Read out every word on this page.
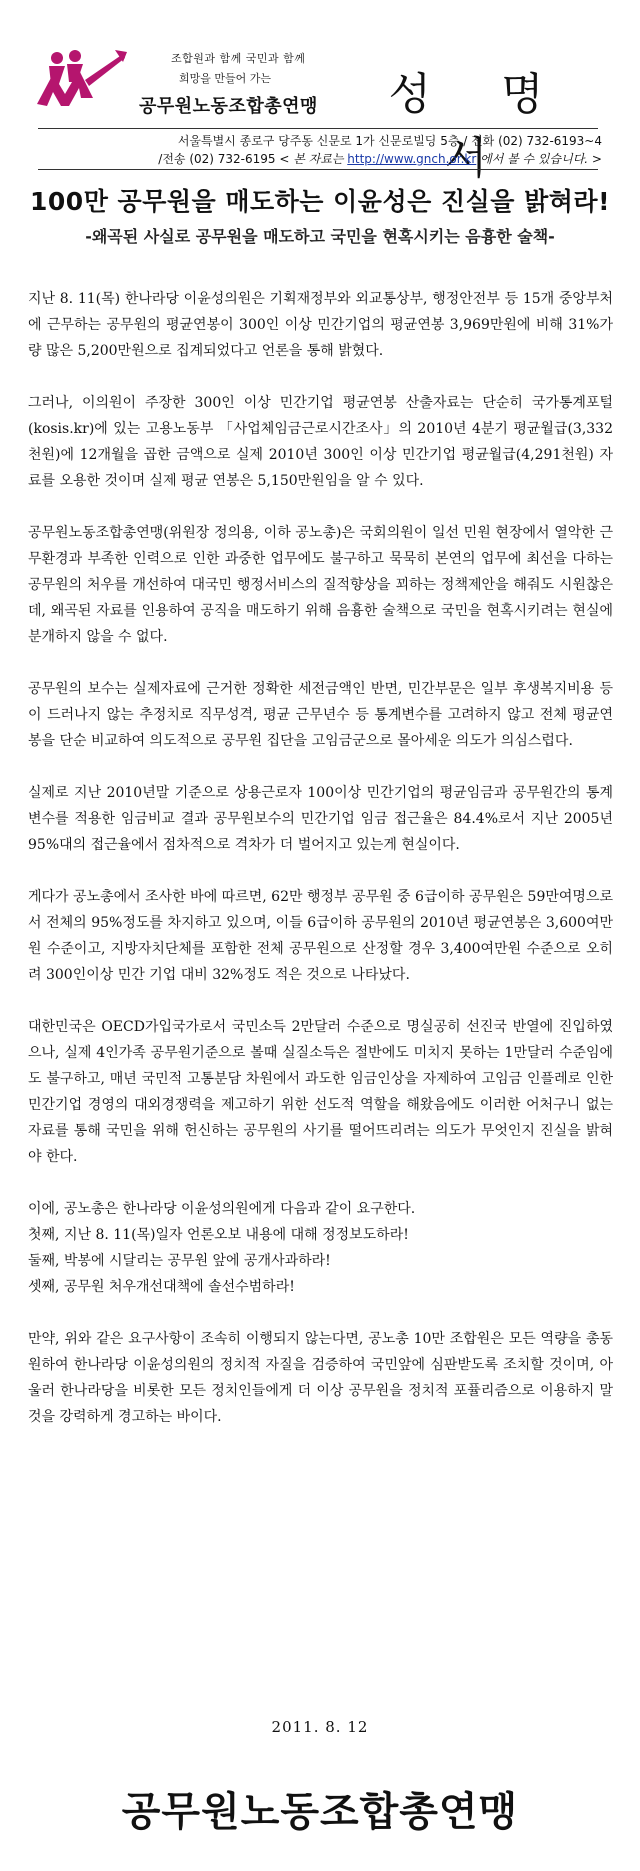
조합원과 함께 국민과 함께
희망을 만들어 가는
공무원노동조합총연맹	성 명 서
서울특별시 종로구 당주동 신문로 1가 신문로빌딩 5층 / 전화 (02) 732-6193~4
/전송 (02) 732-6195 < 본 자료는 http://www.gnch.or.kr 에서 볼 수 있습니다. >
100만 공무원을 매도하는 이윤성은 진실을 밝혀라!
-왜곡된 사실로 공무원을 매도하고 국민을 현혹시키는 음흉한 술책-

지난 8. 11(목) 한나라당 이윤성의원은 기획재정부와 외교통상부, 행정안전부 등 15개 중앙부처에 근무하는 공무원의 평균연봉이 300인 이상 민간기업의 평균연봉 3,969만원에 비해 31%가량 많은 5,200만원으로 집계되었다고 언론을 통해 밝혔다.

그러나, 이의원이 주장한 300인 이상 민간기업 평균연봉 산출자료는 단순히 국가통계포털(kosis.kr)에 있는 고용노동부 「사업체임금근로시간조사」의 2010년 4분기 평균월급(3,332천원)에 12개월을 곱한 금액으로 실제 2010년 300인 이상 민간기업 평균월급(4,291천원) 자료를 오용한 것이며 실제 평균 연봉은 5,150만원임을 알 수 있다.

공무원노동조합총연맹(위원장 정의용, 이하 공노총)은 국회의원이 일선 민원 현장에서 열악한 근무환경과 부족한 인력으로 인한 과중한 업무에도 불구하고 묵묵히 본연의 업무에 최선을 다하는 공무원의 처우를 개선하여 대국민 행정서비스의 질적향상을 꾀하는 정책제안을 해줘도 시원찮은데, 왜곡된 자료를 인용하여 공직을 매도하기 위해 음흉한 술책으로 국민을 현혹시키려는 현실에 분개하지 않을 수 없다.

공무원의 보수는 실제자료에 근거한 정확한 세전금액인 반면, 민간부문은 일부 후생복지비용 등이 드러나지 않는 추정치로 직무성격, 평균 근무년수 등 통계변수를 고려하지 않고 전체 평균연봉을 단순 비교하여 의도적으로 공무원 집단을 고임금군으로 몰아세운 의도가 의심스럽다.

실제로 지난 2010년말 기준으로 상용근로자 100이상 민간기업의 평균임금과 공무원간의 통계변수를 적용한 임금비교 결과 공무원보수의 민간기업 임금 접근율은 84.4%로서 지난 2005년 95%대의 접근율에서 점차적으로 격차가 더 벌어지고 있는게 현실이다.

게다가 공노총에서 조사한 바에 따르면, 62만 행정부 공무원 중 6급이하 공무원은 59만여명으로서 전체의 95%정도를 차지하고 있으며, 이들 6급이하 공무원의 2010년 평균연봉은 3,600여만원 수준이고, 지방자치단체를 포함한 전체 공무원으로 산정할 경우 3,400여만원 수준으로 오히려 300인이상 민간 기업 대비 32%정도 적은 것으로 나타났다.

대한민국은 OECD가입국가로서 국민소득 2만달러 수준으로 명실공히 선진국 반열에 진입하였으나, 실제 4인가족 공무원기준으로 볼때 실질소득은 절반에도 미치지 못하는 1만달러 수준임에도 불구하고, 매년 국민적 고통분담 차원에서 과도한 임금인상을 자제하여 고임금 인플레로 인한 민간기업 경영의 대외경쟁력을 제고하기 위한 선도적 역할을 해왔음에도 이러한 어처구니 없는 자료를 통해 국민을 위해 헌신하는 공무원의 사기를 떨어뜨리려는 의도가 무엇인지 진실을 밝혀야 한다.

이에, 공노총은 한나라당 이윤성의원에게 다음과 같이 요구한다.
첫째, 지난 8. 11(목)일자 언론오보 내용에 대해 정정보도하라!
둘째, 박봉에 시달리는 공무원 앞에 공개사과하라!
셋째, 공무원 처우개선대책에 솔선수범하라!

만약, 위와 같은 요구사항이 조속히 이행되지 않는다면, 공노총 10만 조합원은 모든 역량을 총동원하여 한나라당 이윤성의원의 정치적 자질을 검증하여 국민앞에 심판받도록 조치할 것이며, 아울러 한나라당을 비롯한 모든 정치인들에게 더 이상 공무원을 정치적 포퓰리즘으로 이용하지 말 것을 강력하게 경고하는 바이다.

2011. 8. 12
공무원노동조합총연맹
